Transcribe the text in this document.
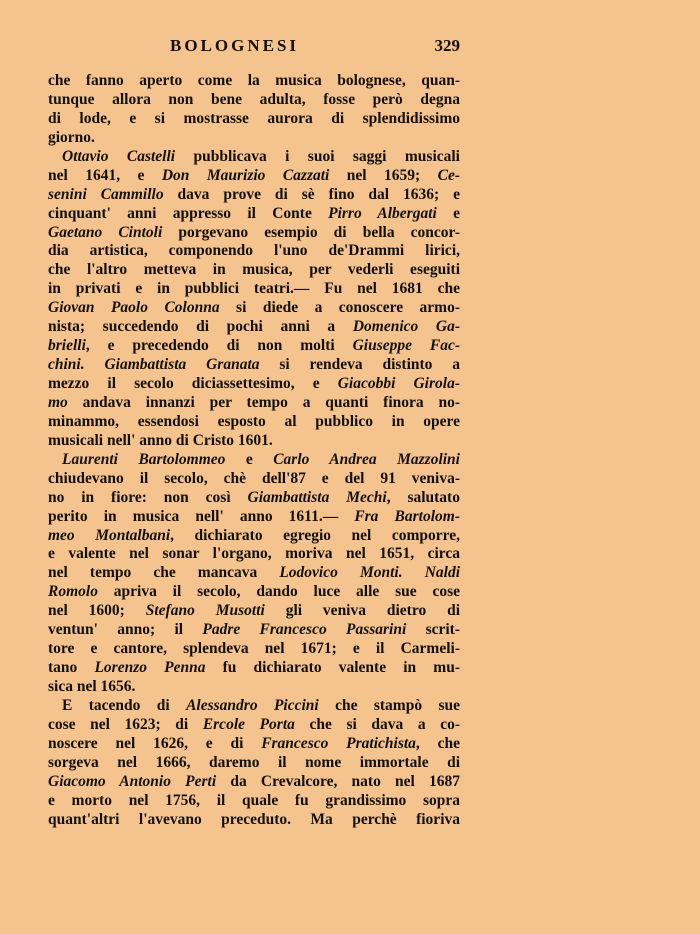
BOLOGNESI	329
che fanno aperto come la musica bolognese, quan-
tunque allora non bene adulta, fosse però degna
di lode, e si mostrasse aurora di splendidissimo
giorno.
Ottavio Castelli pubblicava i suoi saggi musicali
nel 1641, e Don Maurizio Cazzati nel 1659; Ce-
senini Cammillo dava prove di sè fino dal 1636; e
cinquant' anni appresso il Conte Pirro Albergati e
Gaetano Cintoli porgevano esempio di bella concor-
dia artistica, componendo l'uno de'Drammi lirici,
che l'altro metteva in musica, per vederli eseguiti
in privati e in pubblici teatri.— Fu nel 1681 che
Giovan Paolo Colonna si diede a conoscere armo-
nista; succedendo di pochi anni a Domenico Ga-
brielli, e precedendo di non molti Giuseppe Fac-
chini. Giambattista Granata si rendeva distinto a
mezzo il secolo diciassettesimo, e Giacobbi Girola-
mo andava innanzi per tempo a quanti finora no-
minammo, essendosi esposto al pubblico in opere
musicali nell' anno di Cristo 1601.
Laurenti Bartolommeo e Carlo Andrea Mazzolini
chiudevano il secolo, chè dell'87 e del 91 veniva-
no in fiore: non così Giambattista Mechi, salutato
perito in musica nell' anno 1611.— Fra Bartolom-
meo Montalbani, dichiarato egregio nel comporre,
e valente nel sonar l'organo, moriva nel 1651, circa
nel tempo che mancava Lodovico Monti. Naldi
Romolo apriva il secolo, dando luce alle sue cose
nel 1600; Stefano Musotti gli veniva dietro di
ventun' anno; il Padre Francesco Passarini scrit-
tore e cantore, splendeva nel 1671; e il Carmeli-
tano Lorenzo Penna fu dichiarato valente in mu-
sica nel 1656.
E tacendo di Alessandro Piccini che stampò sue
cose nel 1623; di Ercole Porta che si dava a co-
noscere nel 1626, e di Francesco Pratichista, che
sorgeva nel 1666, daremo il nome immortale di
Giacomo Antonio Perti da Crevalcore, nato nel 1687
e morto nel 1756, il quale fu grandissimo sopra
quant'altri l'avevano preceduto. Ma perchè fioriva
